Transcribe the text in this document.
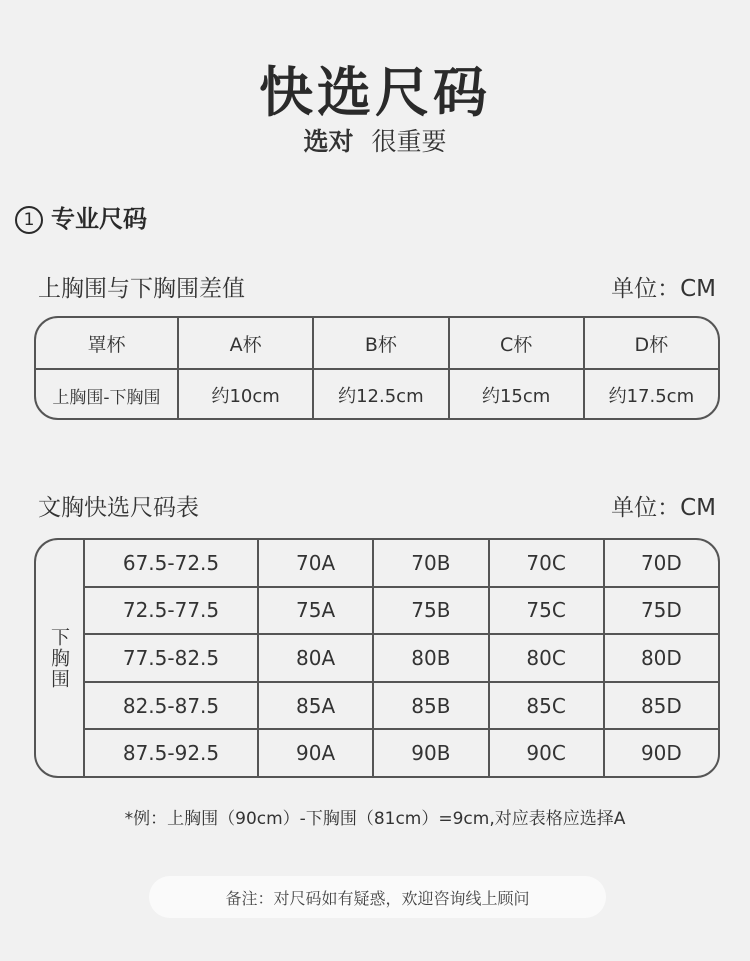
快选尺码
选对 很重要
1 专业尺码
上胸围与下胸围差值	单位：CM
罩杯	A杯	B杯	C杯	D杯
上胸围-下胸围	约10cm	约12.5cm	约15cm	约17.5cm
文胸快选尺码表	单位：CM
下胸围
67.5-72.5	70A	70B	70C	70D
72.5-77.5	75A	75B	75C	75D
77.5-82.5	80A	80B	80C	80D
82.5-87.5	85A	85B	85C	85D
87.5-92.5	90A	90B	90C	90D
*例：上胸围（90cm）-下胸围（81cm）=9cm,对应表格应选择A
备注：对尺码如有疑惑，欢迎咨询线上顾问
